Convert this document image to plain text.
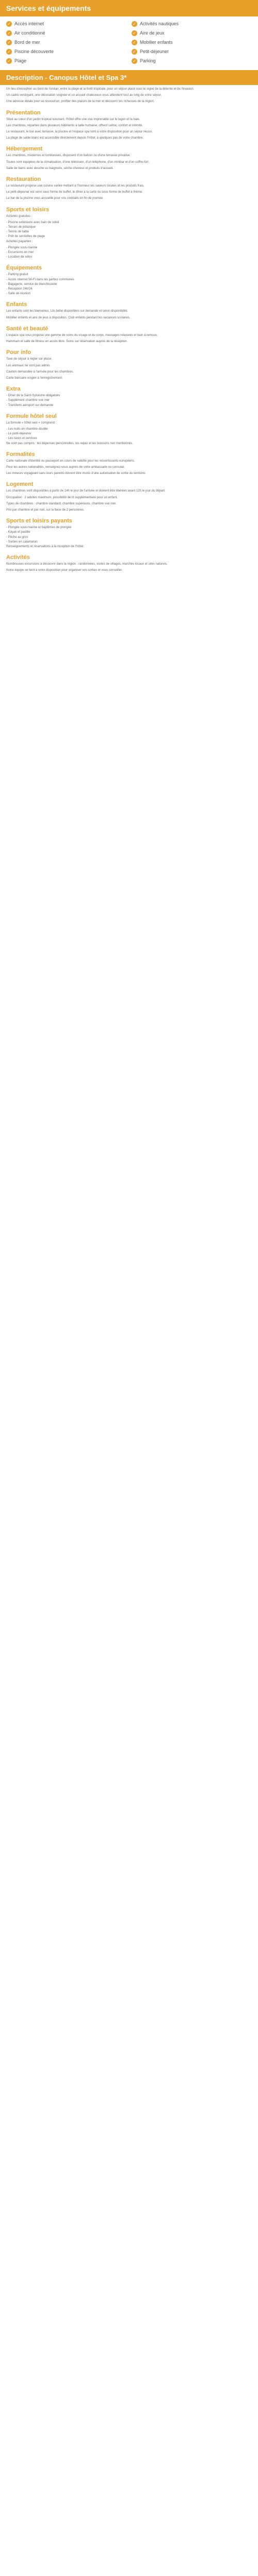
Services et équipements
✓ Accès internet	✓ Activités nautiques
✓ Air conditionné	✓ Aire de jeux
✓ Bord de mer	✓ Mobilier enfants
✓ Piscine découverte	✓ Petit-déjeuner
✓ Plage	✓ Parking
Description - Canopus Hôtel et Spa 3*

Un lieu d'exception au bord de l'océan, entre la plage et la forêt tropicale, pour un séjour placé sous le signe de la détente et de l'évasion.

Un cadre verdoyant, une décoration soignée et un accueil chaleureux vous attendent tout au long de votre séjour.

Une adresse idéale pour se ressourcer, profiter des plaisirs de la mer et découvrir les richesses de la région.

Présentation

Situé au cœur d'un jardin tropical luxuriant, l'hôtel offre une vue imprenable sur le lagon et la baie.

Les chambres, réparties dans plusieurs bâtiments à taille humaine, offrent calme, confort et intimité.

Le restaurant, le bar avec terrasse, la piscine et l'espace spa sont à votre disposition pour un séjour réussi.

La plage de sable blanc est accessible directement depuis l'hôtel, à quelques pas de votre chambre.

Hébergement

Les chambres, modernes et lumineuses, disposent d'un balcon ou d'une terrasse privative.

Toutes sont équipées de la climatisation, d'une télévision, d'un téléphone, d'un minibar et d'un coffre-fort.

Salle de bains avec douche ou baignoire, sèche-cheveux et produits d'accueil.

Restauration

Le restaurant propose une cuisine variée mettant à l'honneur les saveurs locales et les produits frais.

Le petit-déjeuner est servi sous forme de buffet, le dîner à la carte ou sous forme de buffet à thème.

Le bar de la piscine vous accueille pour vos cocktails en fin de journée.

Sports et loisirs

Activités gratuites :

- Piscine extérieure avec bain de soleil

- Terrain de pétanque

- Tennis de table

- Prêt de serviettes de plage

Activités payantes :

- Plongée sous-marine

- Excursions en mer

- Location de vélos

Équipements

- Parking gratuit

- Accès internet Wi-Fi dans les parties communes

- Bagagerie, service de blanchisserie

- Réception 24h/24

- Salle de réunion

Enfants

Les enfants sont les bienvenus. Lits bébé disponibles sur demande et selon disponibilité.

Mobilier enfants et aire de jeux à disposition. Club enfants pendant les vacances scolaires.

Santé et beauté

L'espace spa vous propose une gamme de soins du visage et du corps, massages relaxants et bain à remous.

Hammam et salle de fitness en accès libre. Soins sur réservation auprès de la réception.

Pour info

Taxe de séjour à régler sur place.

Les animaux ne sont pas admis.

Caution demandée à l'arrivée pour les chambres.

Carte bancaire exigée à l'enregistrement.

Extra

- Dîner de la Saint-Sylvestre obligatoire

- Supplément chambre vue mer

- Transferts aéroport sur demande

Formule hôtel seul

La formule « hôtel seul » comprend :

- Les nuits en chambre double

- Le petit-déjeuner

- Les taxes et services

Ne sont pas compris : les dépenses personnelles, les repas et les boissons non mentionnés.

Formalités

Carte nationale d'identité ou passeport en cours de validité pour les ressortissants européens.

Pour les autres nationalités, renseignez-vous auprès de votre ambassade ou consulat.

Les mineurs voyageant sans leurs parents doivent être munis d'une autorisation de sortie du territoire.

Logement

Les chambres sont disponibles à partir de 14h le jour de l'arrivée et doivent être libérées avant 12h le jour du départ.

Occupation : 2 adultes maximum, possibilité de lit supplémentaire pour un enfant.

Types de chambres : chambre standard, chambre supérieure, chambre vue mer.

Prix par chambre et par nuit, sur la base de 2 personnes.

Sports et loisirs payants

- Plongée sous-marine et baptêmes de plongée

- Kayak et paddle

- Pêche au gros

- Sorties en catamaran

Renseignements et réservations à la réception de l'hôtel.

Activités

Nombreuses excursions à découvrir dans la région : randonnées, visites de villages, marchés locaux et sites naturels.

Notre équipe se tient à votre disposition pour organiser vos sorties et vous conseiller.
